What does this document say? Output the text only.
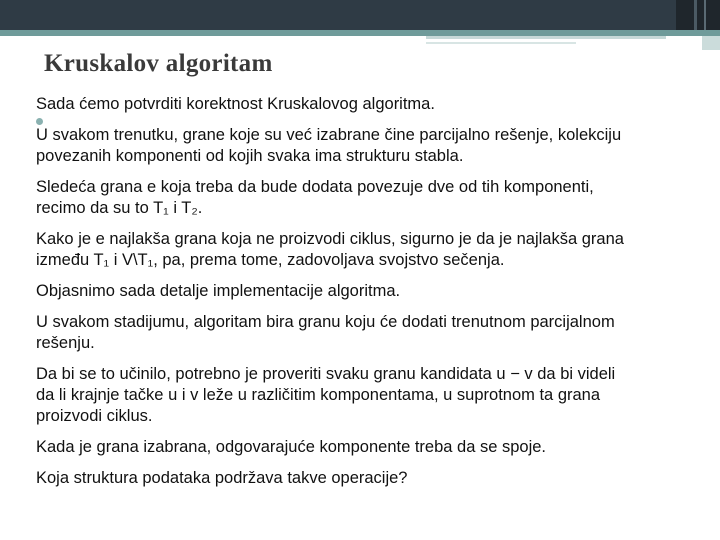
Kruskalov algoritam
Sada ćemo potvrditi korektnost Kruskalovog algoritma.
U svakom trenutku, grane koje su već izabrane čine parcijalno rešenje, kolekciju
povezanih komponenti od kojih svaka ima strukturu stabla.
Sledeća grana e koja treba da bude dodata povezuje dve od tih komponenti,
recimo da su to T₁ i T₂.
Kako je e najlakša grana koja ne proizvodi ciklus, sigurno je da je najlakša grana
između T₁ i V\T₁, pa, prema tome, zadovoljava svojstvo sečenja.
Objasnimo sada detalje implementacije algoritma.
U svakom stadijumu, algoritam bira granu koju će dodati trenutnom parcijalnom
rešenju.
Da bi se to učinilo, potrebno je proveriti svaku granu kandidata u − v da bi videli
da li krajnje tačke u i v leže u različitim komponentama, u suprotnom ta grana
proizvodi ciklus.
Kada je grana izabrana, odgovarajuće komponente treba da se spoje.
Koja struktura podataka podržava takve operacije?
